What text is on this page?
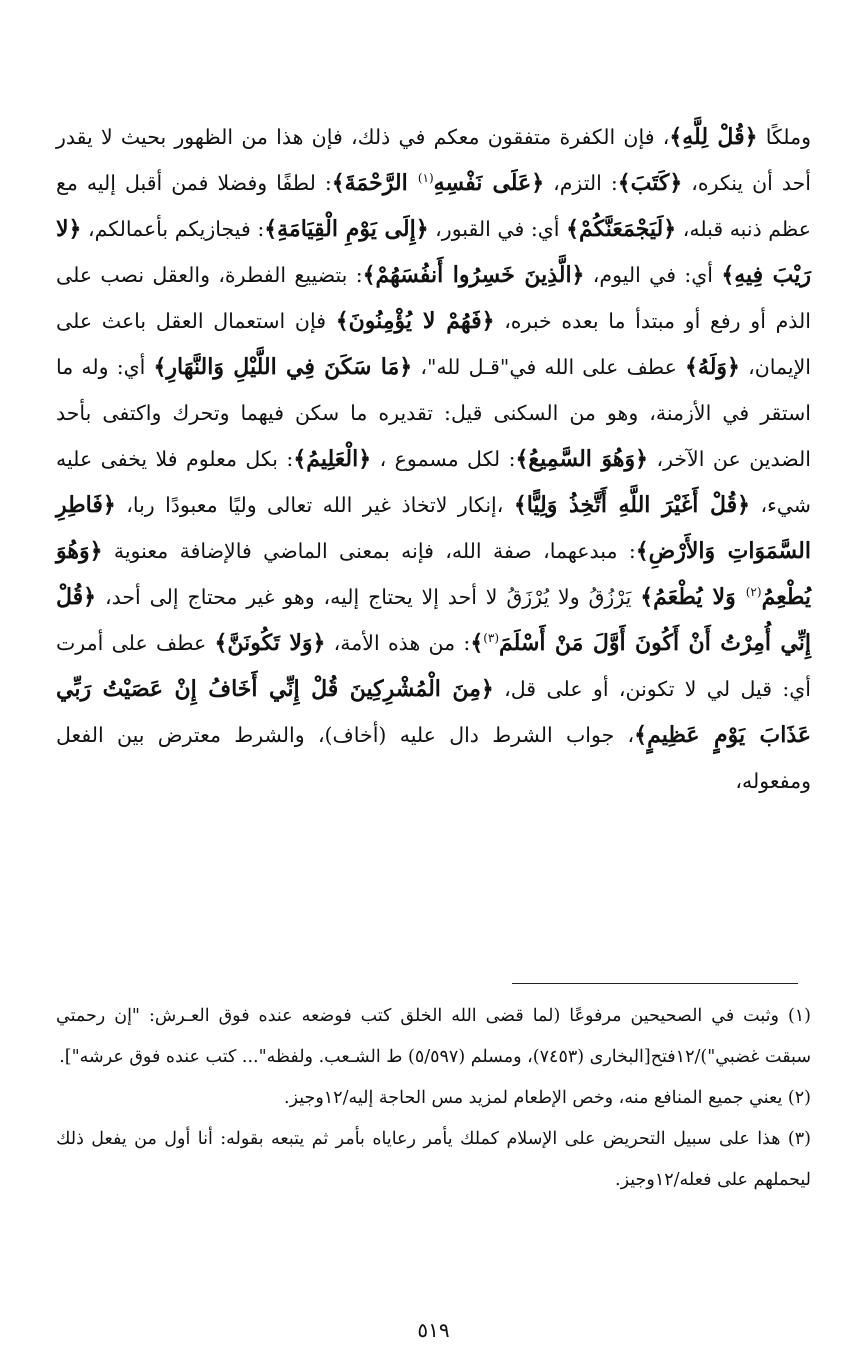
وملكًا ﴿قُلْ لِلَّهِ﴾، فإن الكفرة متفقون معكم في ذلك، فإن هذا من الظهور بحيث لا يقدر أحد أن ينكره، ﴿كَتَبَ﴾: التزم، ﴿عَلَى نَفْسِهِ$^{(١)}$ الرَّحْمَةَ﴾: لطفًا وفضلا فمن أقبل إليه مع عظم ذنبه قبله، ﴿لَيَجْمَعَنَّكُمْ﴾ أي: في القبور، ﴿إِلَى يَوْمِ الْقِيَامَةِ﴾: فيجازيكم بأعمالكم، ﴿لا رَيْبَ فِيهِ﴾ أي: في اليوم، ﴿الَّذِينَ خَسِرُوا أَنفُسَهُمْ﴾: بتضييع الفطرة، والعقل نصب على الذم أو رفع أو مبتدأ ما بعده خبره، ﴿فَهُمْ لا يُؤْمِنُونَ﴾ فإن استعمال العقل باعث على الإيمان، ﴿وَلَهُ﴾ عطف على الله في"قـل لله"، ﴿مَا سَكَنَ فِي اللَّيْلِ وَالنَّهَارِ﴾ أي: وله ما استقر في الأزمنة، وهو من السكنى قيل: تقديره ما سكن فيهما وتحرك واكتفى بأحد الضدين عن الآخر، ﴿وَهُوَ السَّمِيعُ﴾: لكل مسموع ، ﴿الْعَلِيمُ﴾: بكل معلوم فلا يخفى عليه شيء، ﴿قُلْ أَغَيْرَ اللَّهِ أَتَّخِذُ وَلِيًّا﴾ ،إنكار لاتخاذ غير الله تعالى وليًا معبودًا ربا، ﴿فَاطِرِ السَّمَوَاتِ وَالأَرْضِ﴾: مبدعهما، صفة الله، فإنه بمعنى الماضي فالإضافة معنوية ﴿وَهُوَ يُطْعِمُ$^{(٢)}$ وَلا يُطْعَمُ﴾ يَرْزُقُ ولا يُرْزَقُ لا أحد إلا يحتاج إليه، وهو غير محتاج إلى أحد، ﴿قُلْ إِنِّي أُمِرْتُ أَنْ أَكُونَ أَوَّلَ مَنْ أَسْلَمَ$^{(٣)}$﴾: من هذه الأمة، ﴿وَلا تَكُونَنَّ﴾ عطف على أمرت أي: قيل لي لا تكونن، أو على قل، ﴿مِنَ الْمُشْرِكِينَ قُلْ إِنِّي أَخَافُ إِنْ عَصَيْتُ رَبِّي عَذَابَ يَوْمٍ عَظِيمٍ﴾، جواب الشرط دال عليه (أخاف)، والشرط معترض بين الفعل ومفعوله،

(١) وثبت في الصحيحين مرفوعًا (لما قضى الله الخلق كتب فوضعه عنده فوق العـرش: "إن رحمتي سبقت غضبي")/١٢فتح[البخارى (٧٤٥٣)، ومسلم (٥/٥٩٧) ط الشـعب. ولفظه"... كتب عنده فوق عرشه"].

(٢) يعني جميع المنافع منه، وخص الإطعام لمزيد مس الحاجة إليه/١٢وجيز.

(٣) هذا على سبيل التحريض على الإسلام كملك يأمر رعاياه بأمر ثم يتبعه بقوله: أنا أول من يفعل ذلك ليحملهم على فعله/١٢وجيز.

٥١٩
